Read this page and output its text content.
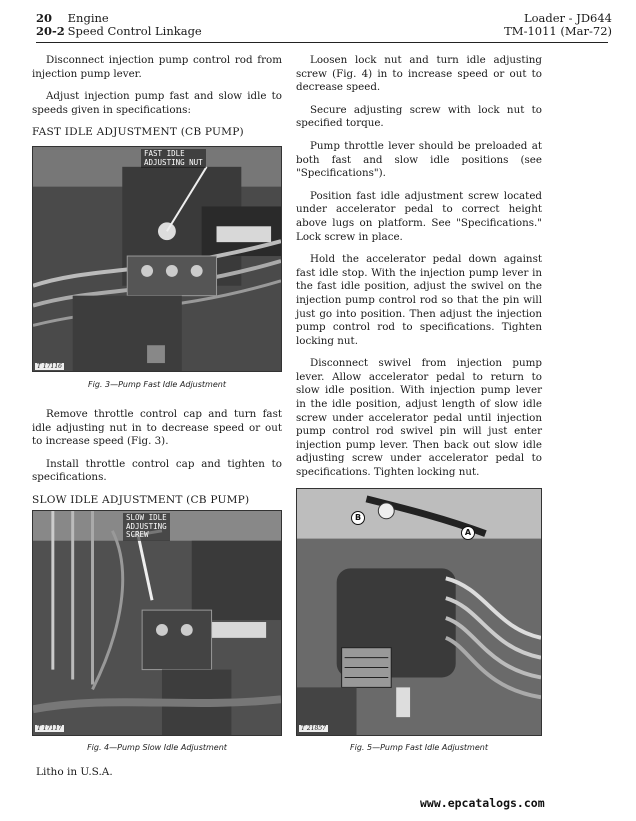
20 Engine
20-2 Speed Control Linkage
Loader - JD644
TM-1011 (Mar-72)

Disconnect injection pump control rod from injection pump lever.

Adjust injection pump fast and slow idle to speeds given in specifications:

FAST IDLE ADJUSTMENT (CB PUMP)

FAST IDLE
ADJUSTING NUT
T 17116
Fig. 3—Pump Fast Idle Adjustment

Remove throttle control cap and turn fast idle adjusting nut in to decrease speed or out to increase speed (Fig. 3).

Install throttle control cap and tighten to specifications.

SLOW IDLE ADJUSTMENT (CB PUMP)

SLOW IDLE
ADJUSTING
SCREW
T 17117
Fig. 4—Pump Slow Idle Adjustment

Loosen lock nut and turn idle adjusting screw (Fig. 4) in to increase speed or out to decrease speed.

Secure adjusting screw with lock nut to specified torque.

Pump throttle lever should be preloaded at both fast and slow idle positions (see "Specifications").

Position fast idle adjustment screw located under accelerator pedal to correct height above lugs on platform. See "Specifications." Lock screw in place.

Hold the accelerator pedal down against fast idle stop. With the injection pump lever in the fast idle position, adjust the swivel on the injection pump control rod so that the pin will just go into position. Then adjust the injection pump control rod to specifications. Tighten locking nut.

Disconnect swivel from injection pump lever. Allow accelerator pedal to return to slow idle position. With injection pump lever in the idle position, adjust length of slow idle screw under accelerator pedal until injection pump control rod swivel pin will just enter injection pump lever. Then back out slow idle adjusting screw under accelerator pedal to specifications. Tighten locking nut.

B
A
T 21857
Fig. 5—Pump Fast Idle Adjustment
Litho in U.S.A.
www.epcatalogs.com
